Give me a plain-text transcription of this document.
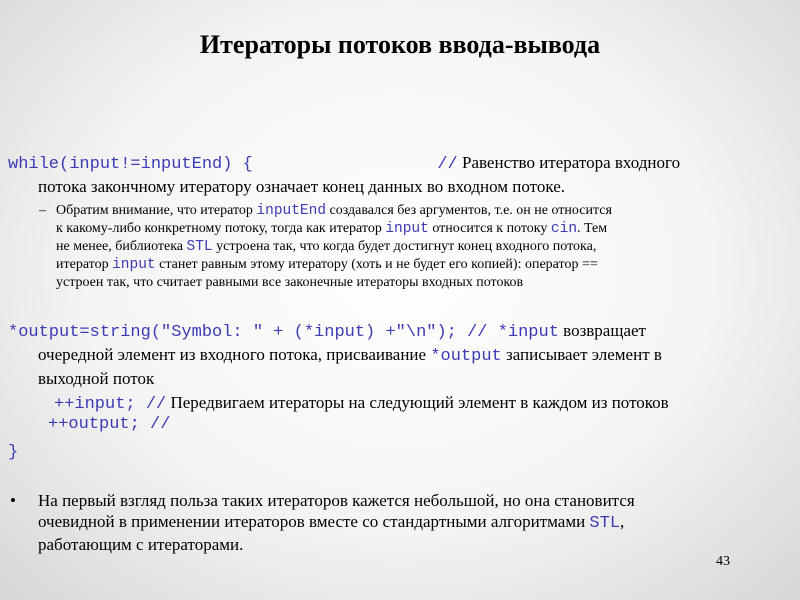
Итераторы потоков ввода-вывода
while(input!=inputEnd) {	// Равенство итератора входного
потока закончному итератору означает конец данных во входном потоке.
– Обратим внимание, что итератор inputEnd создавался без аргументов, т.е. он не относится
к какому-либо конкретному потоку, тогда как итератор input относится к потоку cin. Тем
не менее, библиотека STL устроена так, что когда будет достигнут конец входного потока,
итератор input станет равным этому итератору (хоть и не будет его копией): оператор ==
устроен так, что считает равными все законечные итераторы входных потоков
*output=string("Symbol: " + (*input) +"\n"); // *input возвращает
очередной элемент из входного потока, присваивание *output записывает элемент в
выходной поток
++input; // Передвигаем итераторы на следующий элемент в каждом из потоков
++output; //
}
• На первый взгляд польза таких итераторов кажется небольшой, но она становится
очевидной в применении итераторов вместе со стандартными алгоритмами STL,
работающим с итераторами.
43
